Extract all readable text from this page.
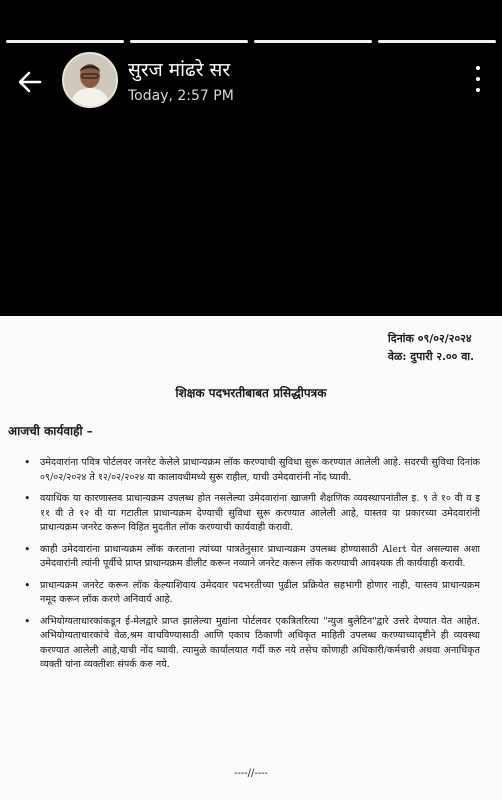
सुरज मांढरे सर
Today, 2:57 PM
दिनांक ०९/०२/२०२४
वेळ: दुपारी २.०० वा.
शिक्षक पदभरतीबाबत प्रसिद्धीपत्रक
आजची कार्यवाही –
• उमेदवारांना पवित्र पोर्टलवर जनरेट केलेले प्राधान्यक्रम लॉक करण्याची सुविधा सुरू करण्यात आलेली आहे. सदरची सुविधा दिनांक ०९/०२/२०२४ ते १२/०२/२०२४ या कालावधीमध्ये सुरू राहील, याची उमेदवारांनी नोंद घ्यावी.
• वयाधिक या कारणास्तव प्राधान्यक्रम उपलब्ध होत नसलेल्या उमेदवारांना खाजगी शैक्षणिक व्यवस्थापनांतील इ. ९ ते १० वी व इ ११ वी ते १२ वी या गटातील प्राधान्यक्रम देण्याची सुविधा सुरू करण्यात आलेली आहे, यास्तव या प्रकारच्या उमेदवारांनी प्राधान्यक्रम जनरेट करून विहित मुदतीत लॉक करण्याची कार्यवाही करावी.
• काही उमेदवारांना प्राधान्यक्रम लॉक करताना त्यांच्या पात्रतेनुसार प्राधान्यक्रम उपलब्ध होण्यासाठी Alert येत असल्यास अशा उमेदवारांनी त्यांनी पूर्वीचे प्राप्त प्राधान्यक्रम डीलीट करून नव्याने जनरेट करून लॉक करण्याची आवश्यक ती कार्यवाही करावी.
• प्राधान्यक्रम जनरेट करून लॉक केल्याशिवाय उमेदवार पदभरतीच्या पुढील प्रक्रियेत सहभागी होणार नाही, यास्तव प्राधान्यक्रम नमूद करून लॉक करणे अनिवार्य आहे.
• अभियोग्यताधारकांकडून ई-मेलद्वारे प्राप्त झालेल्या मुद्यांना पोर्टलवर एकत्रितरित्या "न्युज बुलेटिन"द्वारे उत्तरे देण्यात येत आहेत. अभियोग्यताधारकांचे वेळ,श्रम वाचविण्यासाठी आणि एकाच ठिकाणी अधिकृत माहिती उपलब्ध करण्याच्यादृष्टीने ही व्यवस्था करण्यात आलेली आहे,याची नोंद घ्यावी. त्यामुळे कार्यालयात गर्दी करु नये तसेच कोणाही अधिकारी/कर्मचारी अथवा अनाधिकृत व्यक्ती यांना व्यक्तीशः संपर्क करु नये.
----//----
